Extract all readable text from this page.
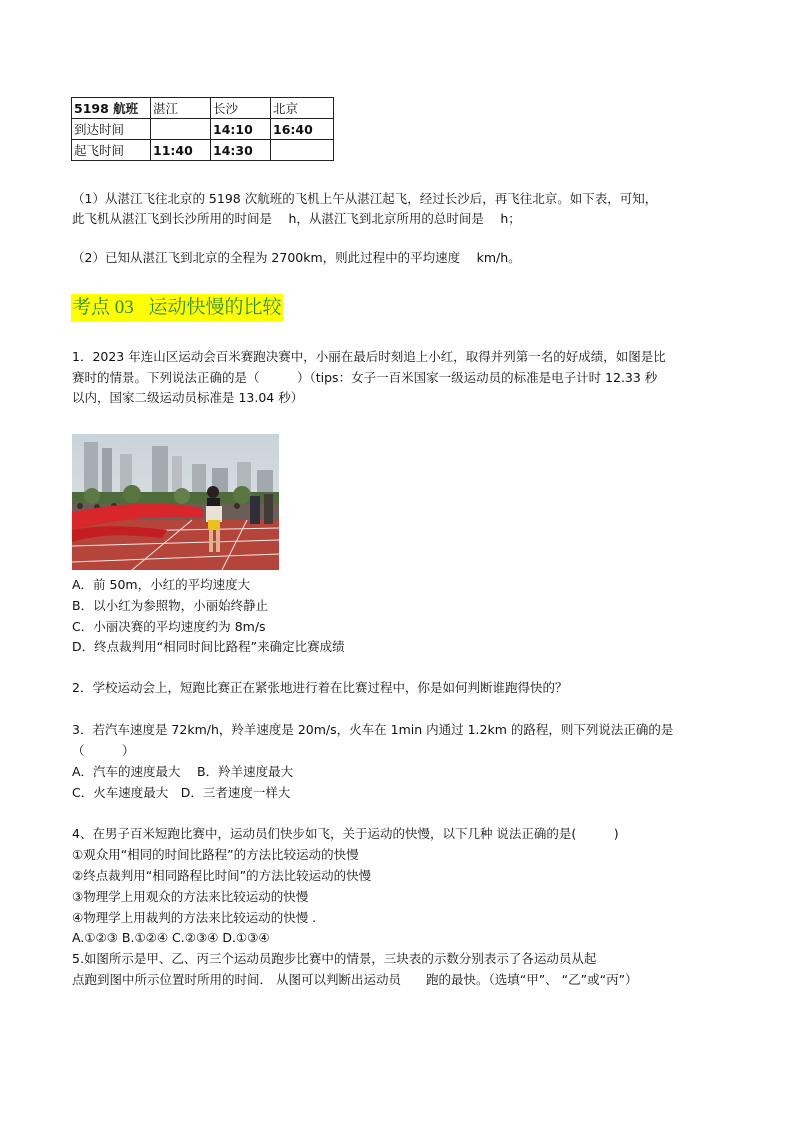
5198 航班	湛江	长沙	北京
到达时间		14:10	16:40
起飞时间	11:40	14:30	
（1）从湛江飞往北京的 5198 次航班的飞机上午从湛江起飞，经过长沙后，再飞往北京。如下表，可知，
此飞机从湛江飞到长沙所用的时间是　 h，从湛江飞到北京所用的总时间是　 h；
（2）已知从湛江飞到北京的全程为 2700km，则此过程中的平均速度　 km/h。
考点 03 运动快慢的比较
1．2023 年连山区运动会百米赛跑决赛中，小丽在最后时刻追上小红，取得并列第一名的好成绩，如图是比
赛时的情景。下列说法正确的是（　　　）（tips：女子一百米国家一级运动员的标准是电子计时 12.33 秒
以内，国家二级运动员标准是 13.04 秒）
A．前 50m，小红的平均速度大
B．以小红为参照物，小丽始终静止
C．小丽决赛的平均速度约为 8m/s
D．终点裁判用“相同时间比路程”来确定比赛成绩
2．学校运动会上，短跑比赛正在紧张地进行着在比赛过程中，你是如何判断谁跑得快的？
3．若汽车速度是 72km/h，羚羊速度是 20m/s，火车在 1min 内通过 1.2km 的路程，则下列说法正确的是
（　　　）
A．汽车的速度最大　 B．羚羊速度最大
C．火车速度最大　D．三者速度一样大
4、在男子百米短跑比赛中，运动员们快步如飞，关于运动的快慢，以下几种 说法正确的是(　　　)
①观众用“相同的时间比路程”的方法比较运动的快慢
②终点裁判用“相同路程比时间”的方法比较运动的快慢
③物理学上用观众的方法来比较运动的快慢
④物理学上用裁判的方法来比较运动的快慢 .
A.①②③ B.①②④ C.②③④ D.①③④
5.如图所示是甲、乙、丙三个运动员跑步比赛中的情景，三块表的示数分别表示了各运动员从起
点跑到图中所示位置时所用的时间． 从图可以判断出运动员　　跑的最快。（选填“甲”、 “乙”或“丙”）
